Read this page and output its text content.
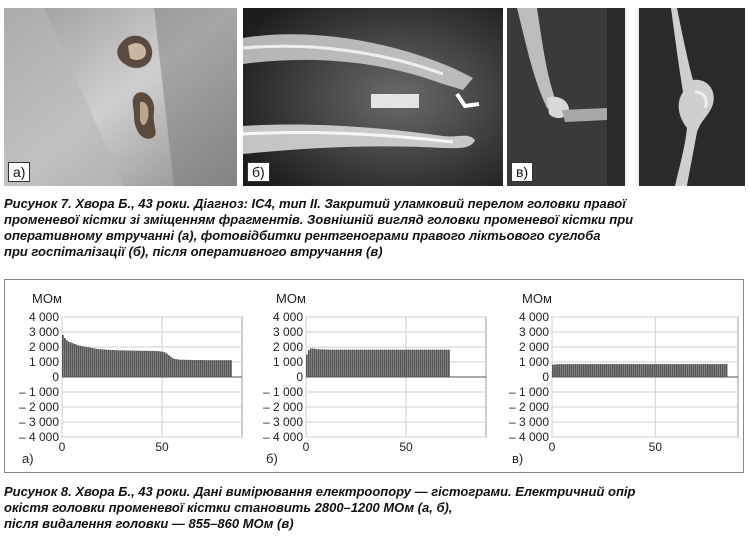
а)	б)	в)
Рисунок 7. Хвора Б., 43 роки. Діагноз: IC4, тип II. Закритий уламковий перелом головки правої
променевої кістки зі зміщенням фрагментів. Зовнішній вигляд головки променевої кістки при
оперативному втручанні (а), фотовідбитки рентгенограми правого ліктьового суглоба
при госпіталізації (б), після оперативного втручання (в)
4 000
3 000
2 000
1 000
0
– 1 000
– 2 000
– 3 000
– 4 000
0	50
МОм
а)
4 000
3 000
2 000
1 000
0
– 1 000
– 2 000
– 3 000
– 4 000
0	50
МОм
б)
4 000
3 000
2 000
1 000
0
– 1 000
– 2 000
– 3 000
– 4 000
0	50
МОм
в)
Рисунок 8. Хвора Б., 43 роки. Дані вимірювання електроопору — гістограми. Електричний опір
окістя головки променевої кістки становить 2800–1200 МОм (а, б),
після видалення головки — 855–860 МОм (в)
